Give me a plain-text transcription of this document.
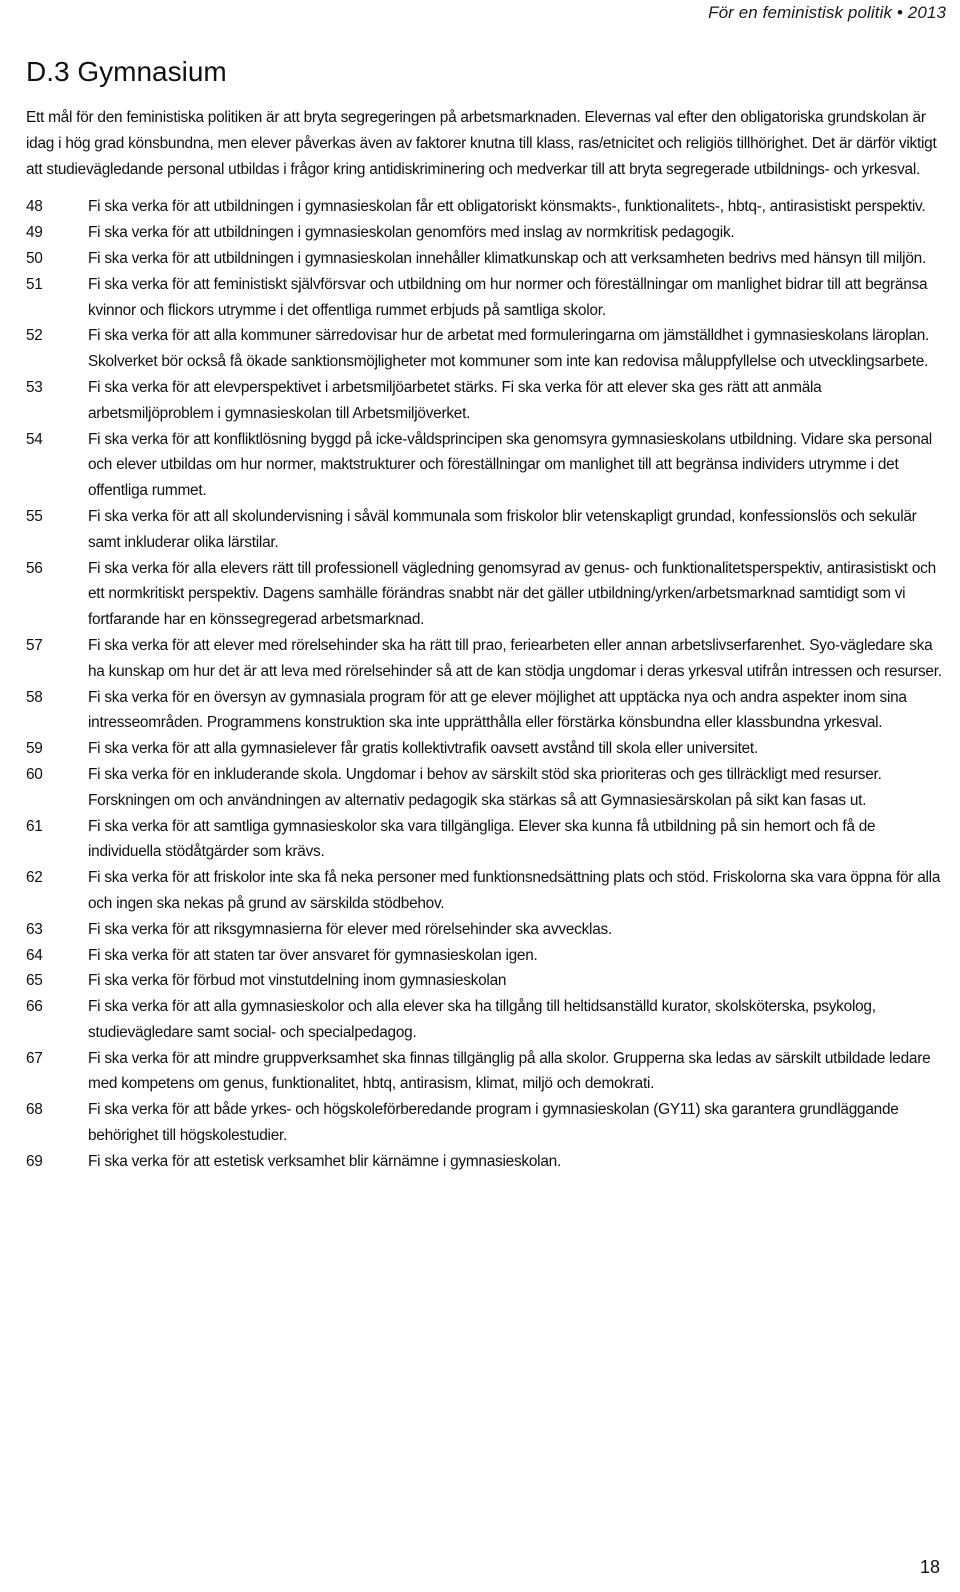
För en feministisk politik • 2013
D.3 Gymnasium

Ett mål för den feministiska politiken är att bryta segregeringen på arbetsmarknaden. Elevernas val efter den obligatoriska grundskolan är idag i hög grad könsbundna, men elever påverkas även av faktorer knutna till klass, ras/etnicitet och religiös tillhörighet. Det är därför viktigt att studievägledande personal utbildas i frågor kring antidiskriminering och medverkar till att bryta segregerade utbildnings- och yrkesval.

48	Fi ska verka för att utbildningen i gymnasieskolan får ett obligatoriskt könsmakts-, funktionalitets-, hbtq-, antirasistiskt perspektiv.
49	Fi ska verka för att utbildningen i gymnasieskolan genomförs med inslag av normkritisk pedagogik.
50	Fi ska verka för att utbildningen i gymnasieskolan innehåller klimatkunskap och att verksamheten bedrivs med hänsyn till miljön.
51	Fi ska verka för att feministiskt självförsvar och utbildning om hur normer och föreställningar om manlighet bidrar till att begränsa kvinnor och flickors utrymme i det offentliga rummet erbjuds på samtliga skolor.
52	Fi ska verka för att alla kommuner särredovisar hur de arbetat med formuleringarna om jämställdhet i gymnasieskolans läroplan. Skolverket bör också få ökade sanktionsmöjligheter mot kommuner som inte kan redovisa måluppfyllelse och utvecklingsarbete.
53	Fi ska verka för att elevperspektivet i arbetsmiljöarbetet stärks. Fi ska verka för att elever ska ges rätt att anmäla arbetsmiljöproblem i gymnasieskolan till Arbetsmiljöverket.
54	Fi ska verka för att konfliktlösning byggd på icke-våldsprincipen ska genomsyra gymnasieskolans utbildning. Vidare ska personal och elever utbildas om hur normer, maktstrukturer och föreställningar om manlighet till att begränsa individers utrymme i det offentliga rummet.
55	Fi ska verka för att all skolundervisning i såväl kommunala som friskolor blir vetenskapligt grundad, konfessionslös och sekulär samt inkluderar olika lärstilar.
56	Fi ska verka för alla elevers rätt till professionell vägledning genomsyrad av genus- och funktionalitetsperspektiv, antirasistiskt och ett normkritiskt perspektiv. Dagens samhälle förändras snabbt när det gäller utbildning/yrken/arbetsmarknad samtidigt som vi fortfarande har en könssegregerad arbetsmarknad.
57	Fi ska verka för att elever med rörelsehinder ska ha rätt till prao, feriearbeten eller annan arbetslivserfarenhet. Syo-vägledare ska ha kunskap om hur det är att leva med rörelsehinder så att de kan stödja ungdomar i deras yrkesval utifrån intressen och resurser.
58	Fi ska verka för en översyn av gymnasiala program för att ge elever möjlighet att upptäcka nya och andra aspekter inom sina intresseområden. Programmens konstruktion ska inte upprätthålla eller förstärka könsbundna eller klassbundna yrkesval.
59	Fi ska verka för att alla gymnasielever får gratis kollektivtrafik oavsett avstånd till skola eller universitet.
60	Fi ska verka för en inkluderande skola. Ungdomar i behov av särskilt stöd ska prioriteras och ges tillräckligt med resurser. Forskningen om och användningen av alternativ pedagogik ska stärkas så att Gymnasiesärskolan på sikt kan fasas ut.
61	Fi ska verka för att samtliga gymnasieskolor ska vara tillgängliga. Elever ska kunna få utbildning på sin hemort och få de individuella stödåtgärder som krävs.
62	Fi ska verka för att friskolor inte ska få neka personer med funktionsnedsättning plats och stöd. Friskolorna ska vara öppna för alla och ingen ska nekas på grund av särskilda stödbehov.
63	Fi ska verka för att riksgymnasierna för elever med rörelsehinder ska avvecklas.
64	Fi ska verka för att staten tar över ansvaret för gymnasieskolan igen.
65	Fi ska verka för förbud mot vinstutdelning inom gymnasieskolan
66	Fi ska verka för att alla gymnasieskolor och alla elever ska ha tillgång till heltidsanställd kurator, skolsköterska, psykolog, studievägledare samt social- och specialpedagog.
67	Fi ska verka för att mindre gruppverksamhet ska finnas tillgänglig på alla skolor. Grupperna ska ledas av särskilt utbildade ledare med kompetens om genus, funktionalitet, hbtq, antirasism, klimat, miljö och demokrati.
68	Fi ska verka för att både yrkes- och högskoleförberedande program i gymnasieskolan (GY11) ska garantera grundläggande behörighet till högskolestudier.
69	Fi ska verka för att estetisk verksamhet blir kärnämne i gymnasieskolan.
18
